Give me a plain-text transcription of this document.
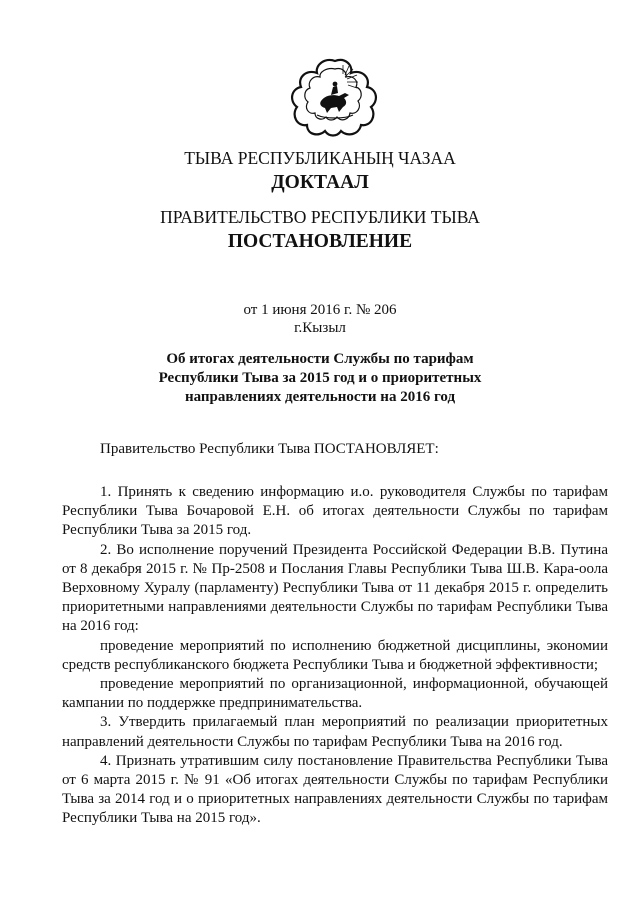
ТЫВА РЕСПУБЛИКАНЫҢ ЧАЗАА
ДОКТААЛ
ПРАВИТЕЛЬСТВО РЕСПУБЛИКИ ТЫВА
ПОСТАНОВЛЕНИЕ
от 1 июня 2016 г. № 206
г.Кызыл
Об итогах деятельности Службы по тарифам
Республики Тыва за 2015 год и о приоритетных
направлениях деятельности на 2016 год
Правительство Республики Тыва ПОСТАНОВЛЯЕТ:

1. Принять к сведению информацию и.о. руководителя Службы по тарифам Республики Тыва Бочаровой Е.Н. об итогах деятельности Службы по тарифам Республики Тыва за 2015 год.

2. Во исполнение поручений Президента Российской Федерации В.В. Путина от 8 декабря 2015 г. № Пр-2508 и Послания Главы Республики Тыва Ш.В. Кара-оола Верховному Хуралу (парламенту) Республики Тыва от 11 декабря 2015 г. определить приоритетными направлениями деятельности Службы по тарифам Республики Тыва на 2016 год:

проведение мероприятий по исполнению бюджетной дисциплины, экономии средств республиканского бюджета Республики Тыва и бюджетной эффективности;

проведение мероприятий по организационной, информационной, обучающей кампании по поддержке предпринимательства.

3. Утвердить прилагаемый план мероприятий по реализации приоритетных направлений деятельности Службы по тарифам Республики Тыва на 2016 год.

4. Признать утратившим силу постановление Правительства Республики Тыва от 6 марта 2015 г. № 91 «Об итогах деятельности Службы по тарифам Республики Тыва за 2014 год и о приоритетных направлениях деятельности Службы по тарифам Республики Тыва на 2015 год».
